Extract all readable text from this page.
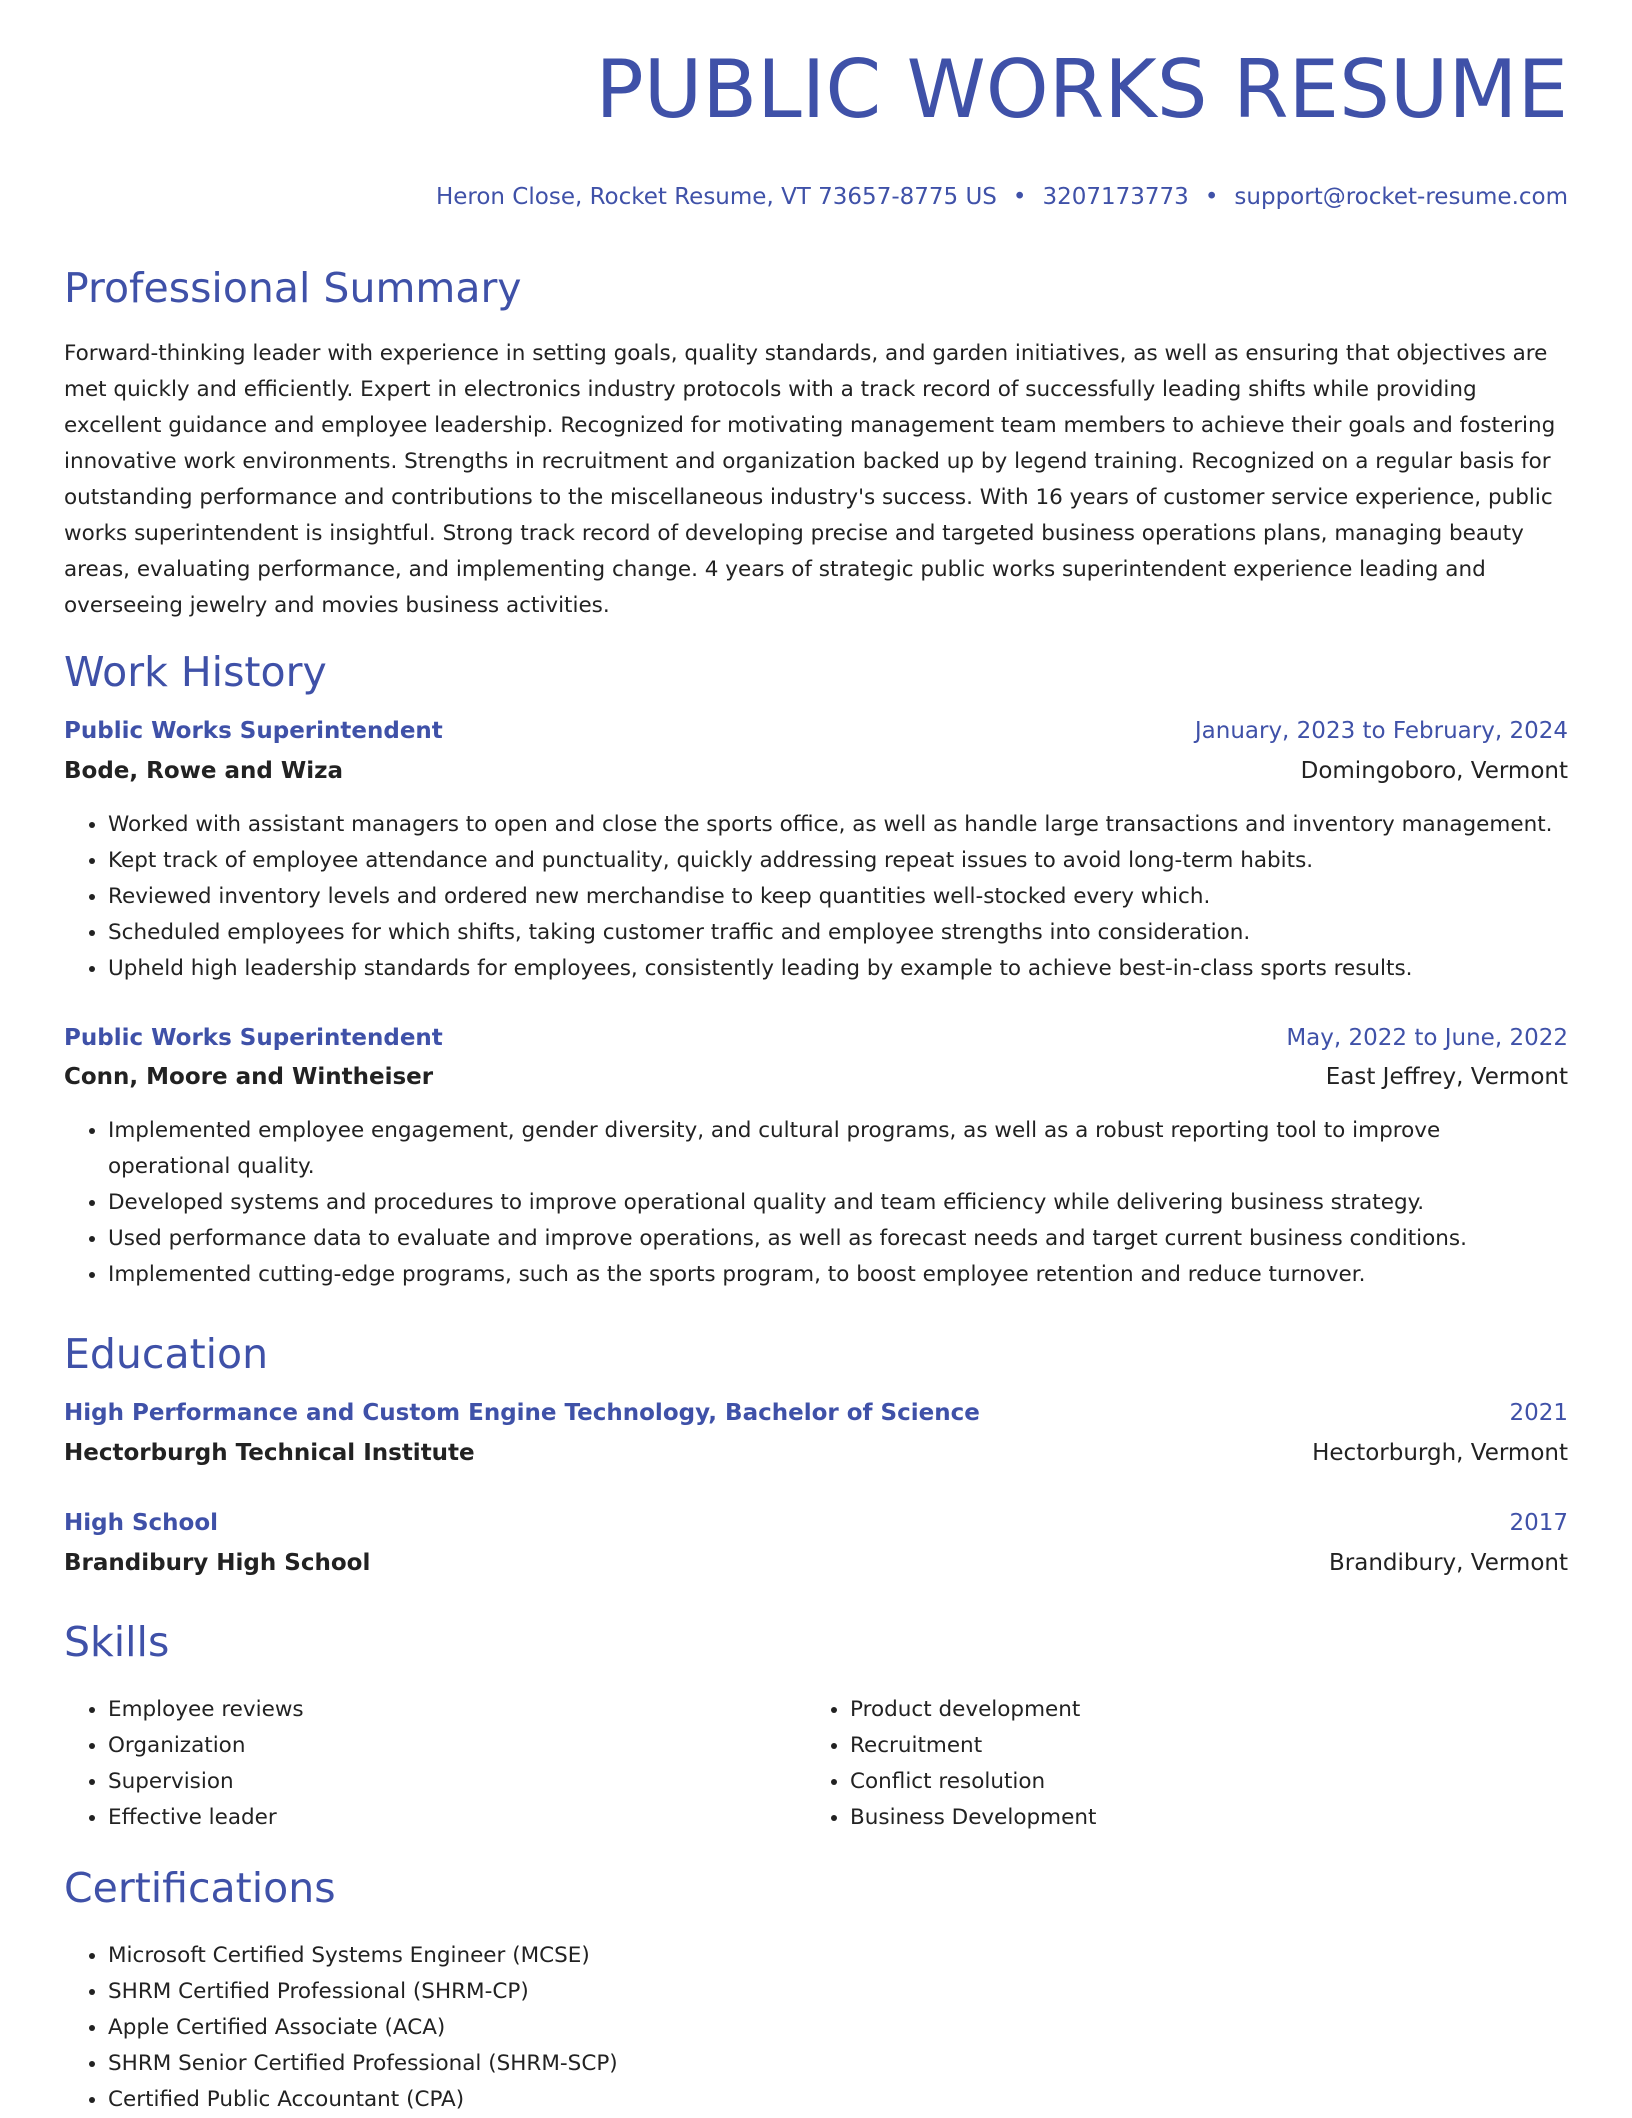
PUBLIC WORKS RESUME
Heron Close, Rocket Resume, VT 73657-8775 US • 3207173773 • support@rocket-resume.com
Professional Summary

Forward-thinking leader with experience in setting goals, quality standards, and garden initiatives, as well as ensuring that objectives are met quickly and efficiently. Expert in electronics industry protocols with a track record of successfully leading shifts while providing excellent guidance and employee leadership. Recognized for motivating management team members to achieve their goals and fostering innovative work environments. Strengths in recruitment and organization backed up by legend training. Recognized on a regular basis for outstanding performance and contributions to the miscellaneous industry's success. With 16 years of customer service experience, public works superintendent is insightful. Strong track record of developing precise and targeted business operations plans, managing beauty areas, evaluating performance, and implementing change. 4 years of strategic public works superintendent experience leading and overseeing jewelry and movies business activities.

Work History
Public Works Superintendent	January, 2023 to February, 2024
Bode, Rowe and Wiza	Domingoboro, Vermont
• Worked with assistant managers to open and close the sports office, as well as handle large transactions and inventory management.
• Kept track of employee attendance and punctuality, quickly addressing repeat issues to avoid long-term habits.
• Reviewed inventory levels and ordered new merchandise to keep quantities well-stocked every which.
• Scheduled employees for which shifts, taking customer traffic and employee strengths into consideration.
• Upheld high leadership standards for employees, consistently leading by example to achieve best-in-class sports results.
Public Works Superintendent	May, 2022 to June, 2022
Conn, Moore and Wintheiser	East Jeffrey, Vermont
• Implemented employee engagement, gender diversity, and cultural programs, as well as a robust reporting tool to improve operational quality.
• Developed systems and procedures to improve operational quality and team efficiency while delivering business strategy.
• Used performance data to evaluate and improve operations, as well as forecast needs and target current business conditions.
• Implemented cutting-edge programs, such as the sports program, to boost employee retention and reduce turnover.
Education
High Performance and Custom Engine Technology, Bachelor of Science	2021
Hectorburgh Technical Institute	Hectorburgh, Vermont
High School	2017
Brandibury High School	Brandibury, Vermont
Skills
• Employee reviews
• Organization
• Supervision
• Effective leader
• Product development
• Recruitment
• Conflict resolution
• Business Development
Certifications
• Microsoft Certified Systems Engineer (MCSE)
• SHRM Certified Professional (SHRM-CP)
• Apple Certified Associate (ACA)
• SHRM Senior Certified Professional (SHRM-SCP)
• Certified Public Accountant (CPA)
